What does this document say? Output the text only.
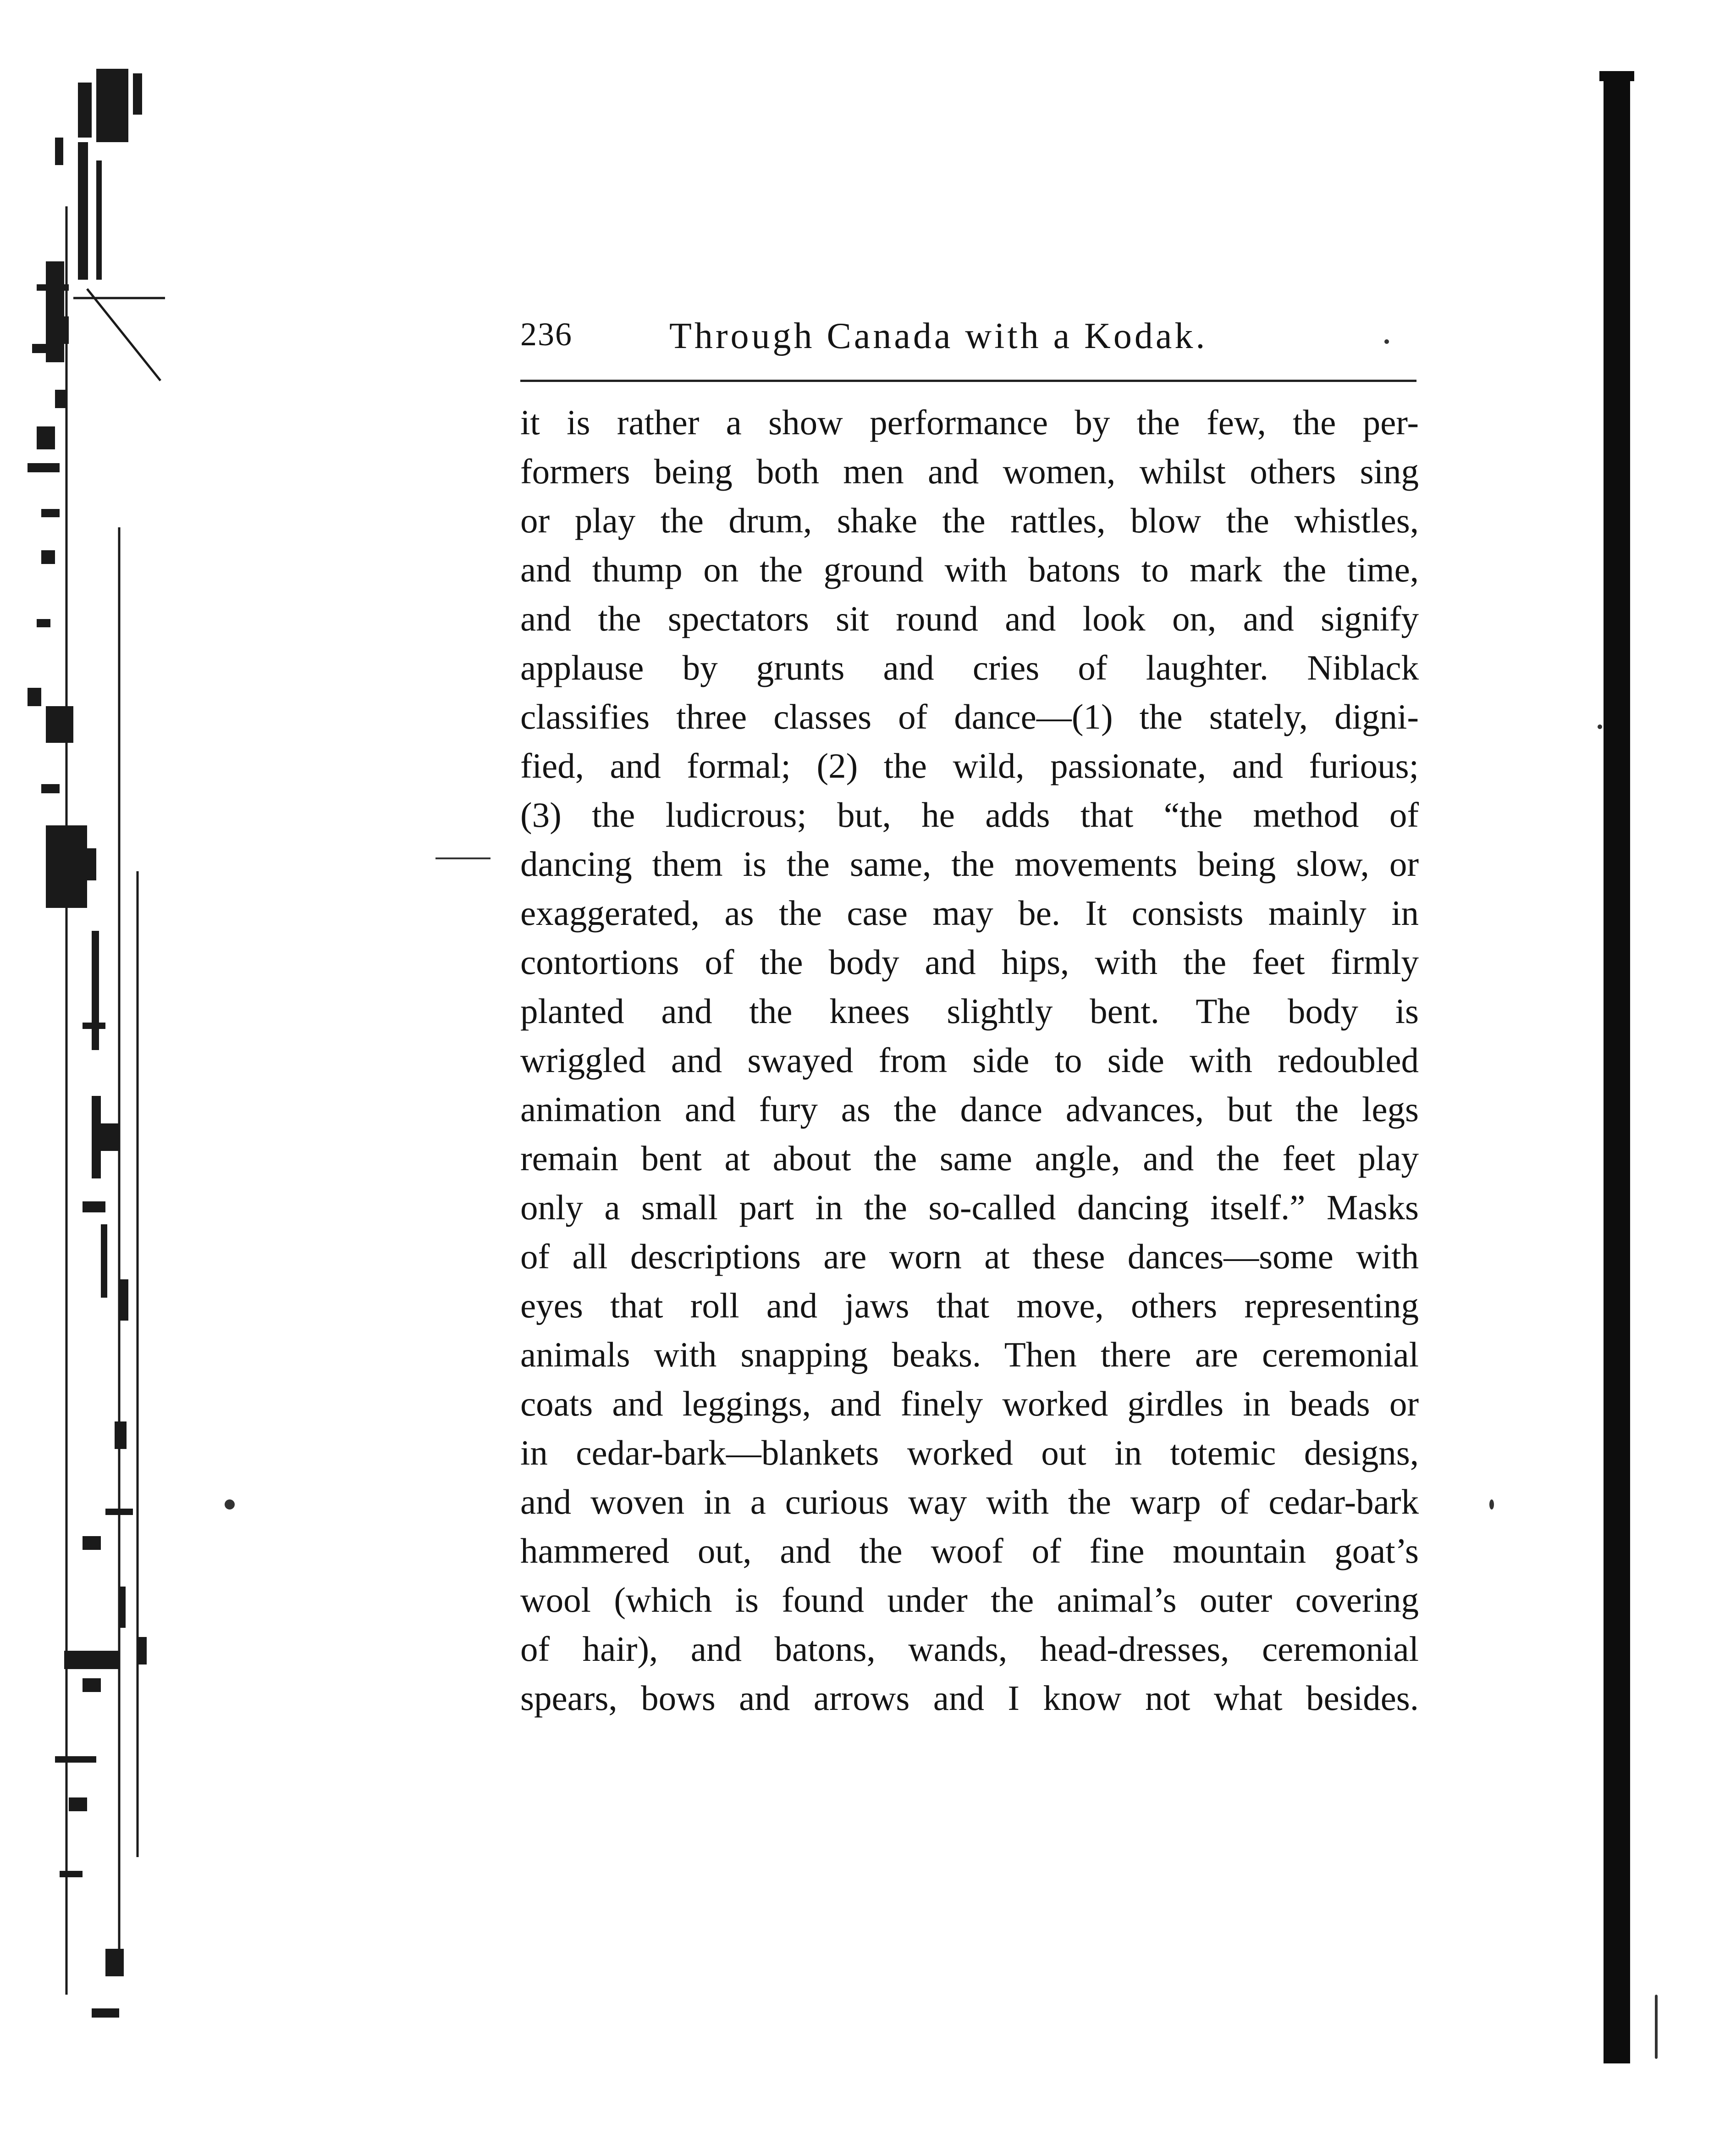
236	Through Canada with a Kodak.
it is rather a show performance by the few, the per-
formers being both men and women, whilst others sing
or play the drum, shake the rattles, blow the whistles,
and thump on the ground with batons to mark the time,
and the spectators sit round and look on, and signify
applause by grunts and cries of laughter. Niblack
classifies three classes of dance—(1) the stately, digni-
fied, and formal; (2) the wild, passionate, and furious;
(3) the ludicrous; but, he adds that “the method of
dancing them is the same, the movements being slow, or
exaggerated, as the case may be. It consists mainly in
contortions of the body and hips, with the feet firmly
planted and the knees slightly bent. The body is
wriggled and swayed from side to side with redoubled
animation and fury as the dance advances, but the legs
remain bent at about the same angle, and the feet play
only a small part in the so-called dancing itself.” Masks
of all descriptions are worn at these dances—some with
eyes that roll and jaws that move, others representing
animals with snapping beaks. Then there are ceremonial
coats and leggings, and finely worked girdles in beads or
in cedar-bark—blankets worked out in totemic designs,
and woven in a curious way with the warp of cedar-bark
hammered out, and the woof of fine mountain goat’s
wool (which is found under the animal’s outer covering
of hair), and batons, wands, head-dresses, ceremonial
spears, bows and arrows and I know not what besides.
